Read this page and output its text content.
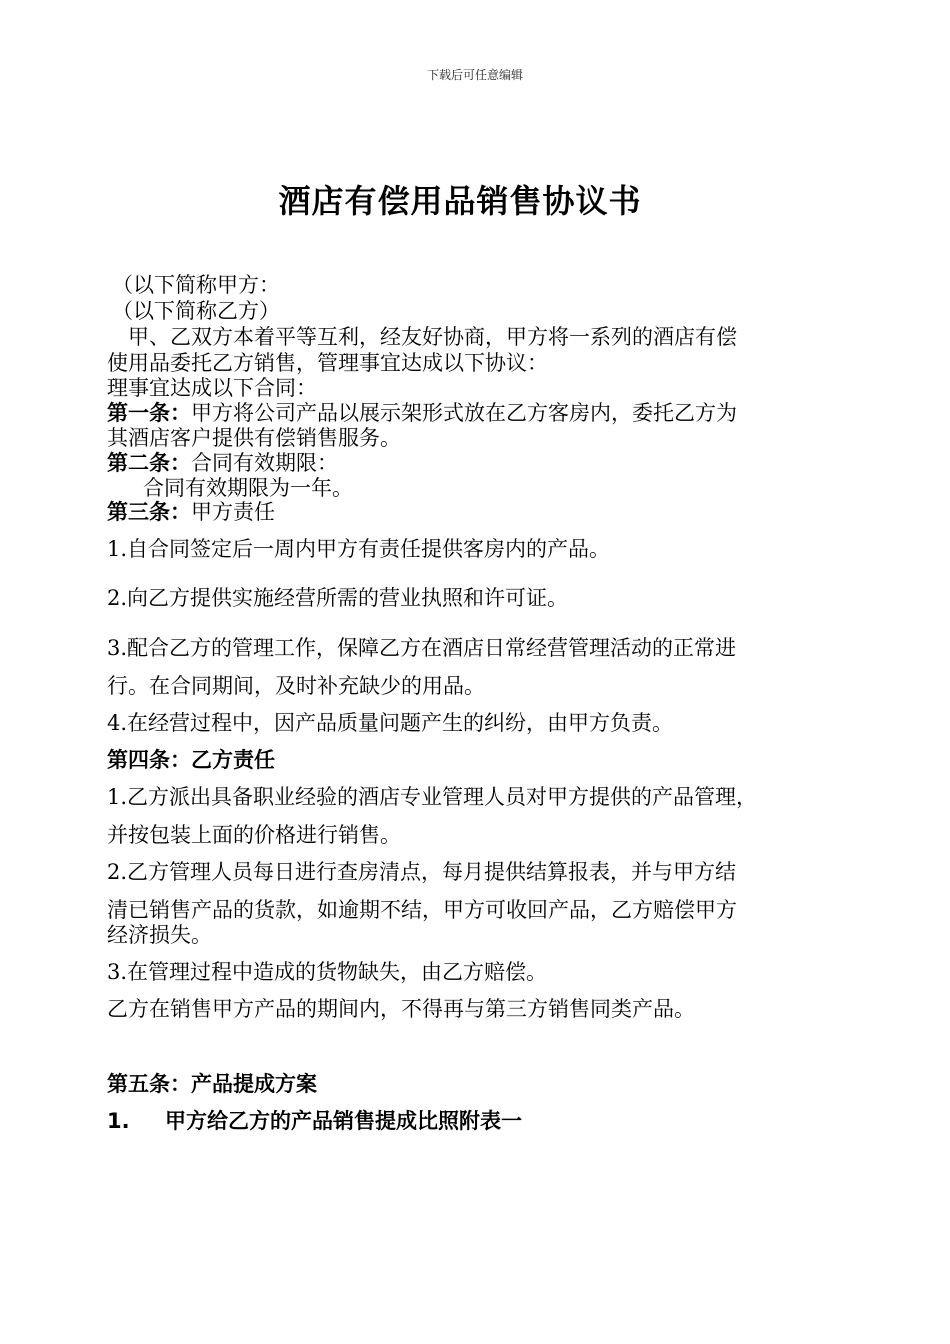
下载后可任意编辑
酒店有偿用品销售协议书
（以下简称甲方：
（以下简称乙方）
　甲、乙双方本着平等互利，经友好协商，甲方将一系列的酒店有偿
使用品委托乙方销售，管理事宜达成以下协议：
理事宜达成以下合同：
第一条：甲方将公司产品以展示架形式放在乙方客房内，委托乙方为
其酒店客户提供有偿销售服务。
第二条：合同有效期限：
合同有效期限为一年。
第三条：甲方责任
1.自合同签定后一周内甲方有责任提供客房内的产品。
2.向乙方提供实施经营所需的营业执照和许可证。
3.配合乙方的管理工作，保障乙方在酒店日常经营管理活动的正常进
行。在合同期间，及时补充缺少的用品。
4.在经营过程中，因产品质量问题产生的纠纷，由甲方负责。
第四条：乙方责任
1.乙方派出具备职业经验的酒店专业管理人员对甲方提供的产品管理，
并按包装上面的价格进行销售。
2.乙方管理人员每日进行查房清点，每月提供结算报表，并与甲方结
清已销售产品的货款，如逾期不结，甲方可收回产品，乙方赔偿甲方
经济损失。
3.在管理过程中造成的货物缺失，由乙方赔偿。
乙方在销售甲方产品的期间内，不得再与第三方销售同类产品。
第五条：产品提成方案
1. 甲方给乙方的产品销售提成比照附表一
